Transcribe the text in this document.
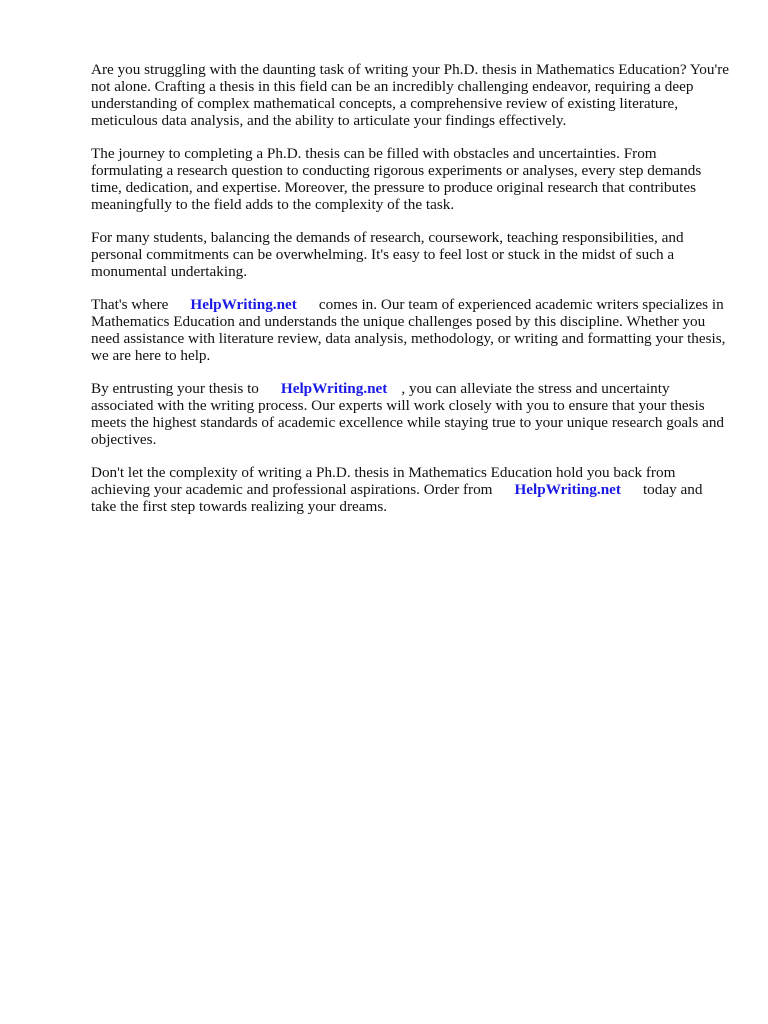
Are you struggling with the daunting task of writing your Ph.D. thesis in Mathematics Education? You're not alone. Crafting a thesis in this field can be an incredibly challenging endeavor, requiring a deep understanding of complex mathematical concepts, a comprehensive review of existing literature, meticulous data analysis, and the ability to articulate your findings effectively.

The journey to completing a Ph.D. thesis can be filled with obstacles and uncertainties. From formulating a research question to conducting rigorous experiments or analyses, every step demands time, dedication, and expertise. Moreover, the pressure to produce original research that contributes meaningfully to the field adds to the complexity of the task.

For many students, balancing the demands of research, coursework, teaching responsibilities, and personal commitments can be overwhelming. It's easy to feel lost or stuck in the midst of such a monumental undertaking.

That's where HelpWriting.net comes in. Our team of experienced academic writers specializes in Mathematics Education and understands the unique challenges posed by this discipline. Whether you need assistance with literature review, data analysis, methodology, or writing and formatting your thesis, we are here to help.

By entrusting your thesis to HelpWriting.net , you can alleviate the stress and uncertainty associated with the writing process. Our experts will work closely with you to ensure that your thesis meets the highest standards of academic excellence while staying true to your unique research goals and objectives.

Don't let the complexity of writing a Ph.D. thesis in Mathematics Education hold you back from achieving your academic and professional aspirations. Order from HelpWriting.net today and take the first step towards realizing your dreams.
